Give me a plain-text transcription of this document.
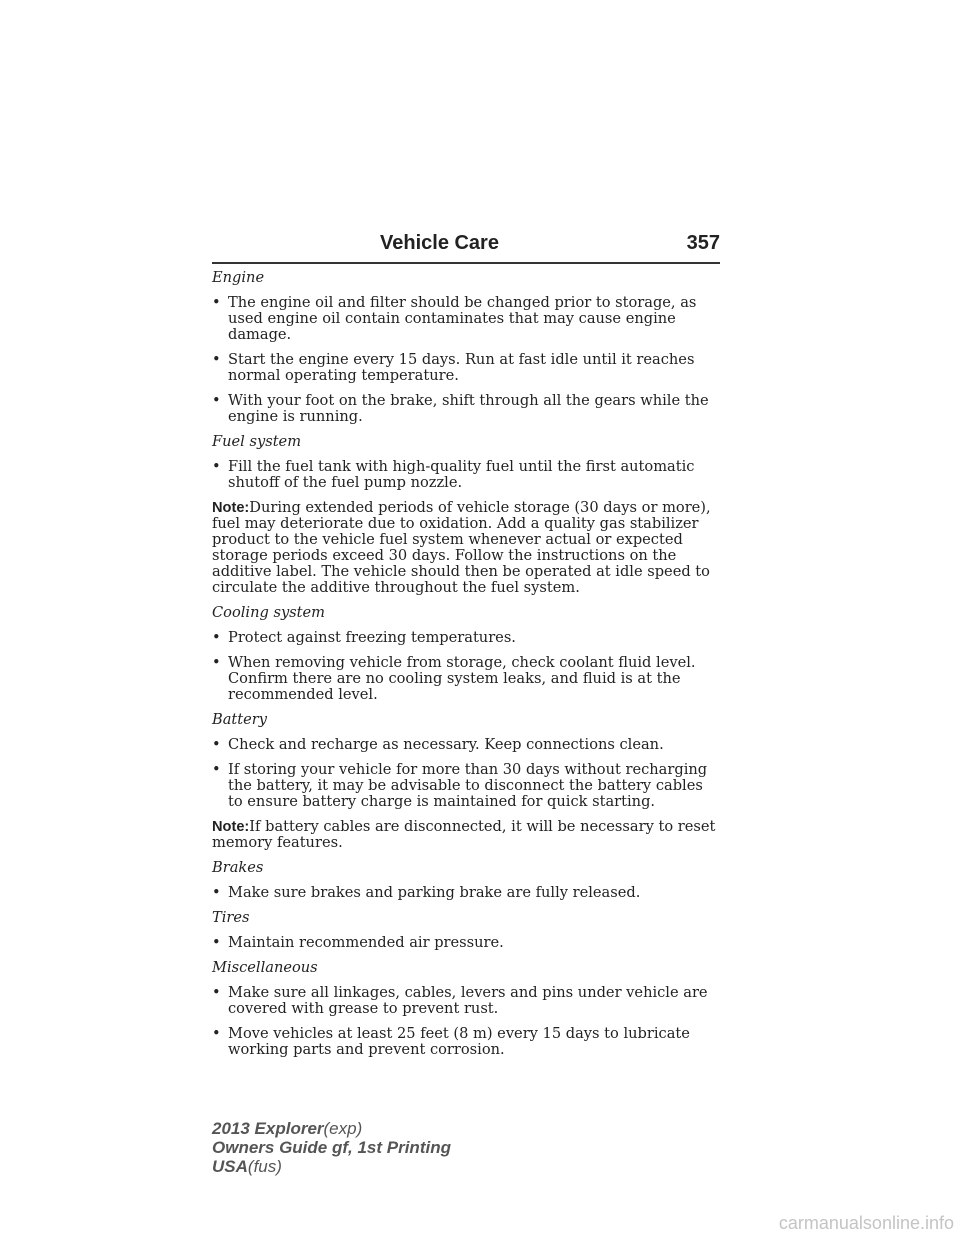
Vehicle Care	357

Engine

• The engine oil and filter should be changed prior to storage, as used engine oil contain contaminates that may cause engine damage.
• Start the engine every 15 days. Run at fast idle until it reaches normal operating temperature.
• With your foot on the brake, shift through all the gears while the engine is running.

Fuel system

• Fill the fuel tank with high-quality fuel until the first automatic shutoff of the fuel pump nozzle.

Note:During extended periods of vehicle storage (30 days or more), fuel may deteriorate due to oxidation. Add a quality gas stabilizer product to the vehicle fuel system whenever actual or expected storage periods exceed 30 days. Follow the instructions on the additive label. The vehicle should then be operated at idle speed to circulate the additive throughout the fuel system.

Cooling system

• Protect against freezing temperatures.
• When removing vehicle from storage, check coolant fluid level. Confirm there are no cooling system leaks, and fluid is at the recommended level.

Battery

• Check and recharge as necessary. Keep connections clean.
• If storing your vehicle for more than 30 days without recharging the battery, it may be advisable to disconnect the battery cables to ensure battery charge is maintained for quick starting.

Note:If battery cables are disconnected, it will be necessary to reset memory features.

Brakes

• Make sure brakes and parking brake are fully released.

Tires

• Maintain recommended air pressure.

Miscellaneous

• Make sure all linkages, cables, levers and pins under vehicle are covered with grease to prevent rust.
• Move vehicles at least 25 feet (8 m) every 15 days to lubricate working parts and prevent corrosion.
2013 Explorer(exp)
Owners Guide gf, 1st Printing
USA(fus)
carmanualsonline.info
